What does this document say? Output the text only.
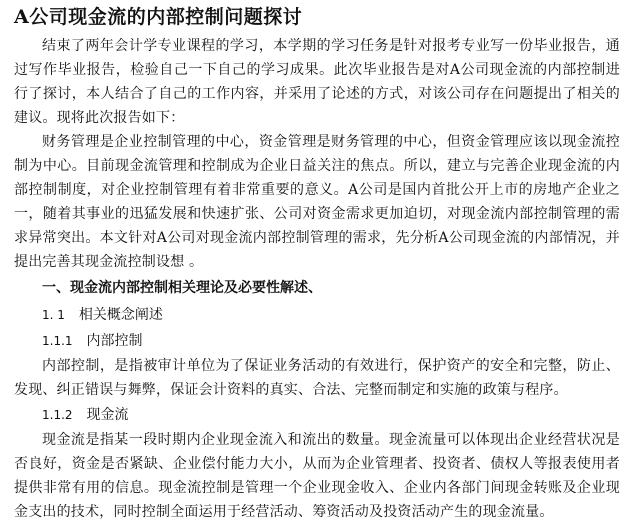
A公司现金流的内部控制问题探讨

结束了两年会计学专业课程的学习，本学期的学习任务是针对报考专业写一份毕业报告，通过写作毕业报告，检验自己一下自己的学习成果。此次毕业报告是对A公司现金流的内部控制进行了探讨，本人结合了自己的工作内容，并采用了论述的方式，对该公司存在问题提出了相关的建议。现将此次报告如下：

财务管理是企业控制管理的中心，资金管理是财务管理的中心，但资金管理应该以现金流控制为中心。目前现金流管理和控制成为企业日益关注的焦点。所以，建立与完善企业现金流的内部控制制度，对企业控制管理有着非常重要的意义。A公司是国内首批公开上市的房地产企业之一，随着其事业的迅猛发展和快速扩张、公司对资金需求更加迫切，对现金流内部控制管理的需求异常突出。本文针对A公司对现金流内部控制管理的需求，先分析A公司现金流的内部情况，并提出完善其现金流控制设想 。

一、现金流内部控制相关理论及必要性解述、

1. 1 相关概念阐述

1.1.1 内部控制

内部控制，是指被审计单位为了保证业务活动的有效进行，保护资产的安全和完整，防止、发现、纠正错误与舞弊，保证会计资料的真实、合法、完整而制定和实施的政策与程序。

1.1.2 现金流

现金流是指某一段时期内企业现金流入和流出的数量。现金流量可以体现出企业经营状况是否良好，资金是否紧缺、企业偿付能力大小，从而为企业管理者、投资者、债权人等报表使用者提供非常有用的信息。现金流控制是管理一个企业现金收入、企业内各部门间现金转账及企业现金支出的技术，同时控制全面运用于经营活动、筹资活动及投资活动产生的现金流量。
